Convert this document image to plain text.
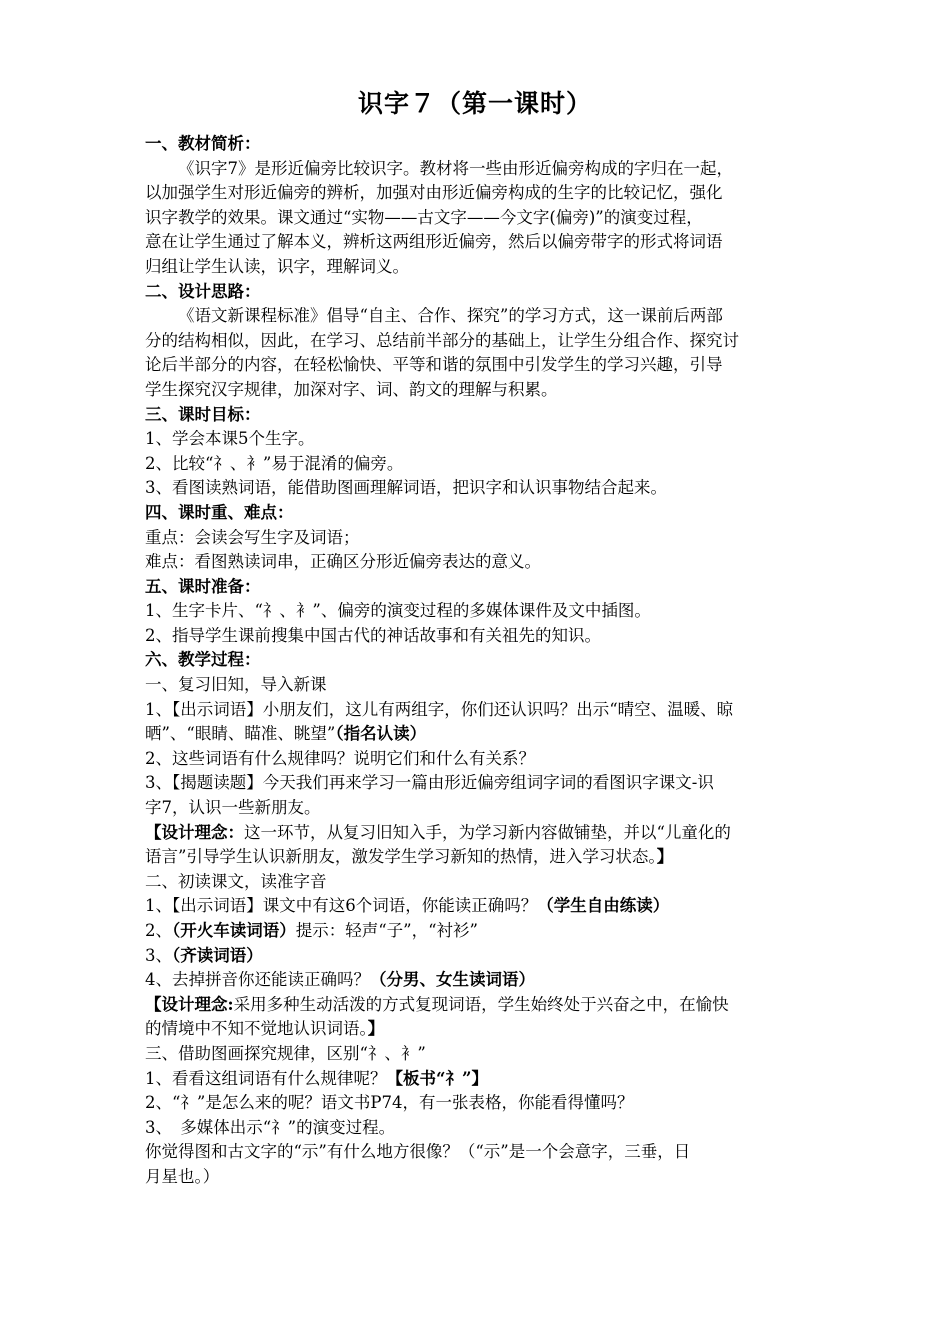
识字７（第一课时）
一、教材简析：
《识字7》是形近偏旁比较识字。教材将一些由形近偏旁构成的字归在一起，
以加强学生对形近偏旁的辨析，加强对由形近偏旁构成的生字的比较记忆，强化
识字教学的效果。课文通过“实物——古文字——今文字(偏旁)”的演变过程，
意在让学生通过了解本义，辨析这两组形近偏旁，然后以偏旁带字的形式将词语
归组让学生认读，识字，理解词义。
二、设计思路：
《语文新课程标准》倡导“自主、合作、探究”的学习方式，这一课前后两部
分的结构相似，因此，在学习、总结前半部分的基础上，让学生分组合作、探究讨
论后半部分的内容，在轻松愉快、平等和谐的氛围中引发学生的学习兴趣，引导
学生探究汉字规律，加深对字、词、韵文的理解与积累。
三、课时目标：
1、学会本课5个生字。
2、比较“礻、衤”易于混淆的偏旁。
3、看图读熟词语，能借助图画理解词语，把识字和认识事物结合起来。
四、课时重、难点：
重点：会读会写生字及词语；
难点：看图熟读词串，正确区分形近偏旁表达的意义。
五、课时准备：
1、生字卡片、“礻、衤”、偏旁的演变过程的多媒体课件及文中插图。
2、指导学生课前搜集中国古代的神话故事和有关祖先的知识。
六、教学过程：
一、复习旧知，导入新课
1、【出示词语】小朋友们，这儿有两组字，你们还认识吗？出示“晴空、温暖、晾
晒”、“眼睛、瞄准、眺望”（指名认读）
2、这些词语有什么规律吗？说明它们和什么有关系？
3、【揭题读题】今天我们再来学习一篇由形近偏旁组词字词的看图识字课文-识
字7，认识一些新朋友。
【设计理念：这一环节，从复习旧知入手，为学习新内容做铺垫，并以“儿童化的
语言”引导学生认识新朋友，激发学生学习新知的热情，进入学习状态。】
二、初读课文，读准字音
1、【出示词语】课文中有这6个词语，你能读正确吗？（学生自由练读）
2、（开火车读词语）提示：轻声“子”，“衬衫”
3、（齐读词语）
4、去掉拼音你还能读正确吗？（分男、女生读词语）
【设计理念:采用多种生动活泼的方式复现词语，学生始终处于兴奋之中，在愉快
的情境中不知不觉地认识词语。】
三、借助图画探究规律，区别“礻、衤”
1、看看这组词语有什么规律呢？【板书“礻”】
2、“礻”是怎么来的呢？语文书P74，有一张表格，你能看得懂吗？
3、　多媒体出示“礻”的演变过程。
你觉得图和古文字的“示”有什么地方很像？（“示”是一个会意字，三垂，日
月星也。）
